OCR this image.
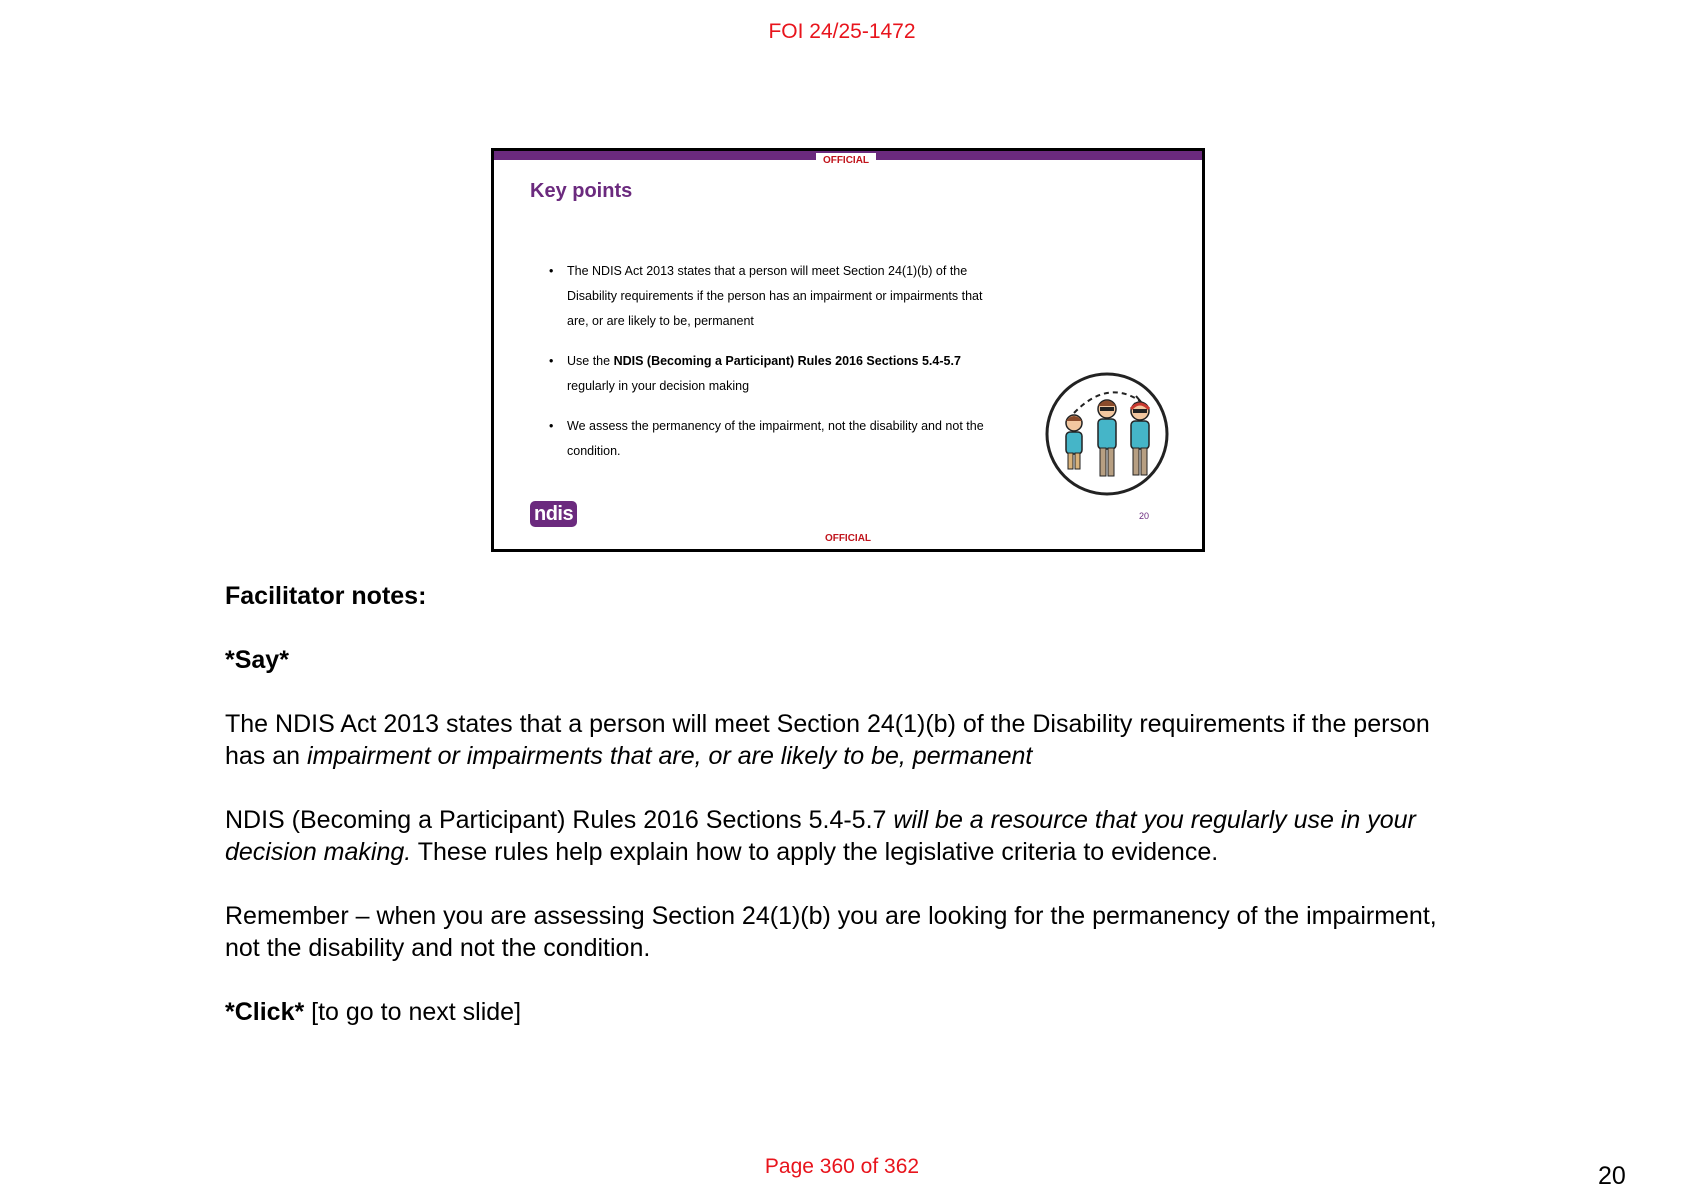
FOI 24/25-1472
OFFICIAL
Key points
• The NDIS Act 2013 states that a person will meet Section 24(1)(b) of the Disability requirements if the person has an impairment or impairments that are, or are likely to be, permanent
• Use the NDIS (Becoming a Participant) Rules 2016 Sections 5.4-5.7 regularly in your decision making
• We assess the permanency of the impairment, not the disability and not the condition.
ndis	20
OFFICIAL

Facilitator notes:

*Say*

The NDIS Act 2013 states that a person will meet Section 24(1)(b) of the Disability requirements if the person has an impairment or impairments that are, or are likely to be, permanent

NDIS (Becoming a Participant) Rules 2016 Sections 5.4-5.7 will be a resource that you regularly use in your decision making. These rules help explain how to apply the legislative criteria to evidence.

Remember – when you are assessing Section 24(1)(b) you are looking for the permanency of the impairment, not the disability and not the condition.

*Click* [to go to next slide]

Page 360 of 362	20
